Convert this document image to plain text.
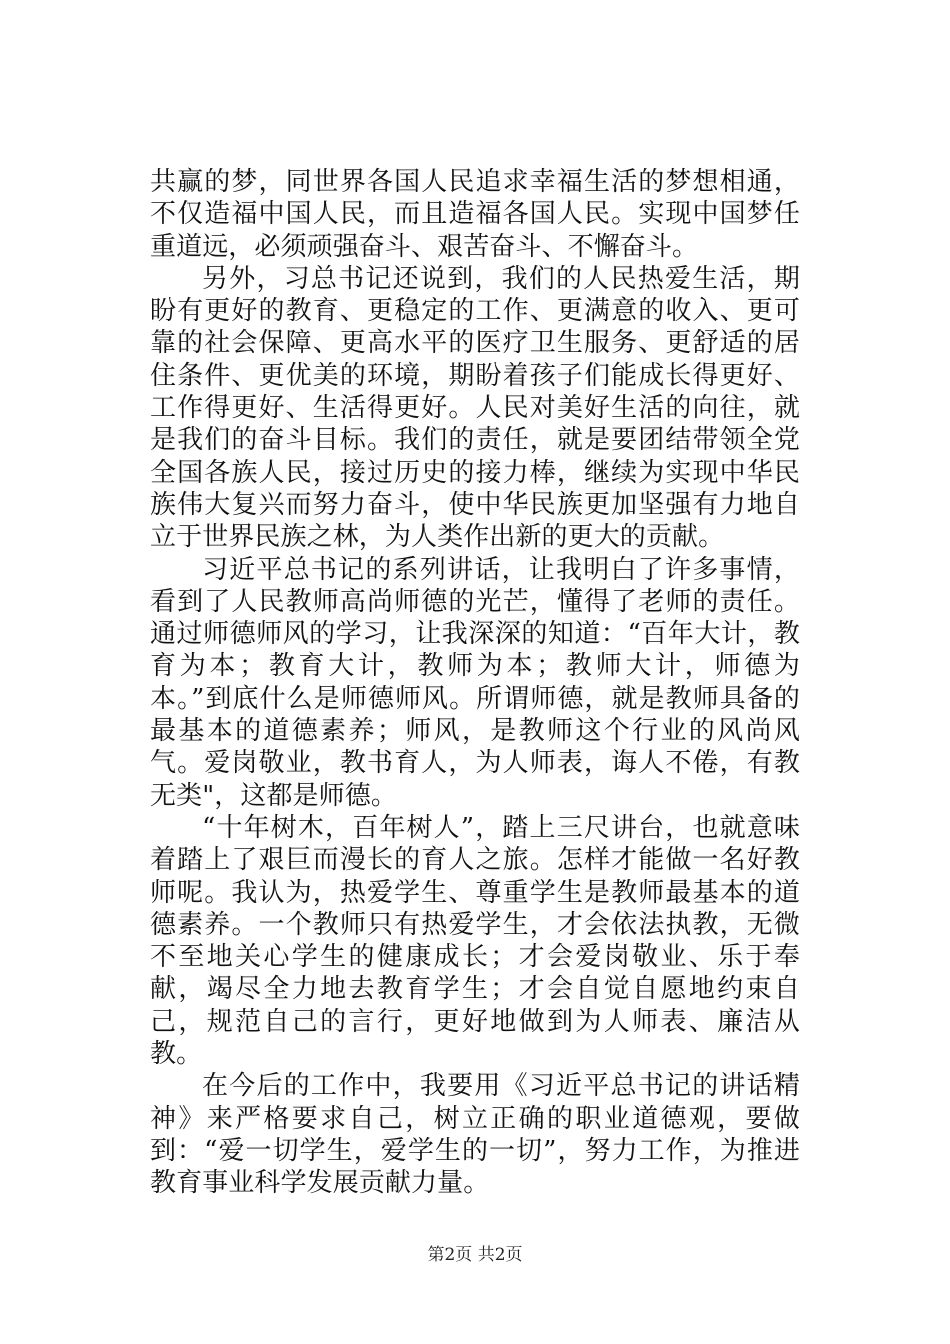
共赢的梦，同世界各国人民追求幸福生活的梦想相通，不仅造福中国人民，而且造福各国人民。实现中国梦任重道远，必须顽强奋斗、艰苦奋斗、不懈奋斗。

另外，习总书记还说到，我们的人民热爱生活，期盼有更好的教育、更稳定的工作、更满意的收入、更可靠的社会保障、更高水平的医疗卫生服务、更舒适的居住条件、更优美的环境，期盼着孩子们能成长得更好、工作得更好、生活得更好。人民对美好生活的向往，就是我们的奋斗目标。我们的责任，就是要团结带领全党全国各族人民，接过历史的接力棒，继续为实现中华民族伟大复兴而努力奋斗，使中华民族更加坚强有力地自立于世界民族之林，为人类作出新的更大的贡献。

习近平总书记的系列讲话，让我明白了许多事情，看到了人民教师高尚师德的光芒，懂得了老师的责任。通过师德师风的学习，让我深深的知道：“百年大计，教育为本；教育大计，教师为本；教师大计，师德为本。”到底什么是师德师风。所谓师德，就是教师具备的最基本的道德素养；师风，是教师这个行业的风尚风气。爱岗敬业，教书育人，为人师表，诲人不倦，有教无类"，这都是师德。

“十年树木，百年树人”，踏上三尺讲台，也就意味着踏上了艰巨而漫长的育人之旅。怎样才能做一名好教师呢。我认为，热爱学生、尊重学生是教师最基本的道德素养。一个教师只有热爱学生，才会依法执教，无微不至地关心学生的健康成长；才会爱岗敬业、乐于奉献，竭尽全力地去教育学生；才会自觉自愿地约束自己，规范自己的言行，更好地做到为人师表、廉洁从教。

在今后的工作中，我要用《习近平总书记的讲话精神》来严格要求自己，树立正确的职业道德观，要做到：“爱一切学生，爱学生的一切”，努力工作，为推进教育事业科学发展贡献力量。

第2页 共2页
